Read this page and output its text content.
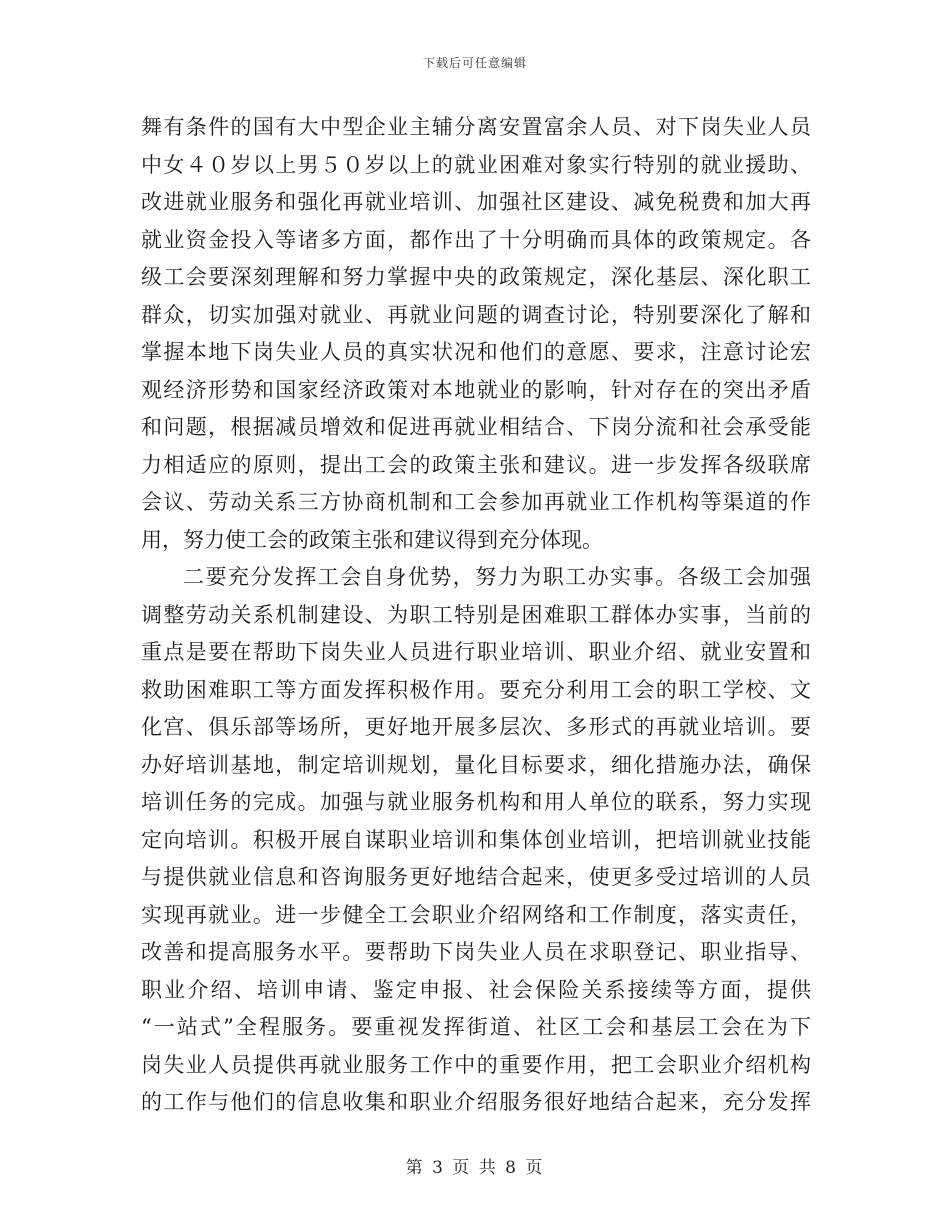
下载后可任意编辑
舞有条件的国有大中型企业主辅分离安置富余人员、对下岗失业人员
中女４０岁以上男５０岁以上的就业困难对象实行特别的就业援助、
改进就业服务和强化再就业培训、加强社区建设、减免税费和加大再
就业资金投入等诸多方面，都作出了十分明确而具体的政策规定。各
级工会要深刻理解和努力掌握中央的政策规定，深化基层、深化职工
群众，切实加强对就业、再就业问题的调查讨论，特别要深化了解和
掌握本地下岗失业人员的真实状况和他们的意愿、要求，注意讨论宏
观经济形势和国家经济政策对本地就业的影响，针对存在的突出矛盾
和问题，根据减员增效和促进再就业相结合、下岗分流和社会承受能
力相适应的原则，提出工会的政策主张和建议。进一步发挥各级联席
会议、劳动关系三方协商机制和工会参加再就业工作机构等渠道的作
用，努力使工会的政策主张和建议得到充分体现。
二要充分发挥工会自身优势，努力为职工办实事。各级工会加强
调整劳动关系机制建设、为职工特别是困难职工群体办实事，当前的
重点是要在帮助下岗失业人员进行职业培训、职业介绍、就业安置和
救助困难职工等方面发挥积极作用。要充分利用工会的职工学校、文
化宫、俱乐部等场所，更好地开展多层次、多形式的再就业培训。要
办好培训基地，制定培训规划，量化目标要求，细化措施办法，确保
培训任务的完成。加强与就业服务机构和用人单位的联系，努力实现
定向培训。积极开展自谋职业培训和集体创业培训，把培训就业技能
与提供就业信息和咨询服务更好地结合起来，使更多受过培训的人员
实现再就业。进一步健全工会职业介绍网络和工作制度，落实责任，
改善和提高服务水平。要帮助下岗失业人员在求职登记、职业指导、
职业介绍、培训申请、鉴定申报、社会保险关系接续等方面，提供
“一站式”全程服务。要重视发挥街道、社区工会和基层工会在为下
岗失业人员提供再就业服务工作中的重要作用，把工会职业介绍机构
的工作与他们的信息收集和职业介绍服务很好地结合起来，充分发挥
第 3 页 共 8 页
